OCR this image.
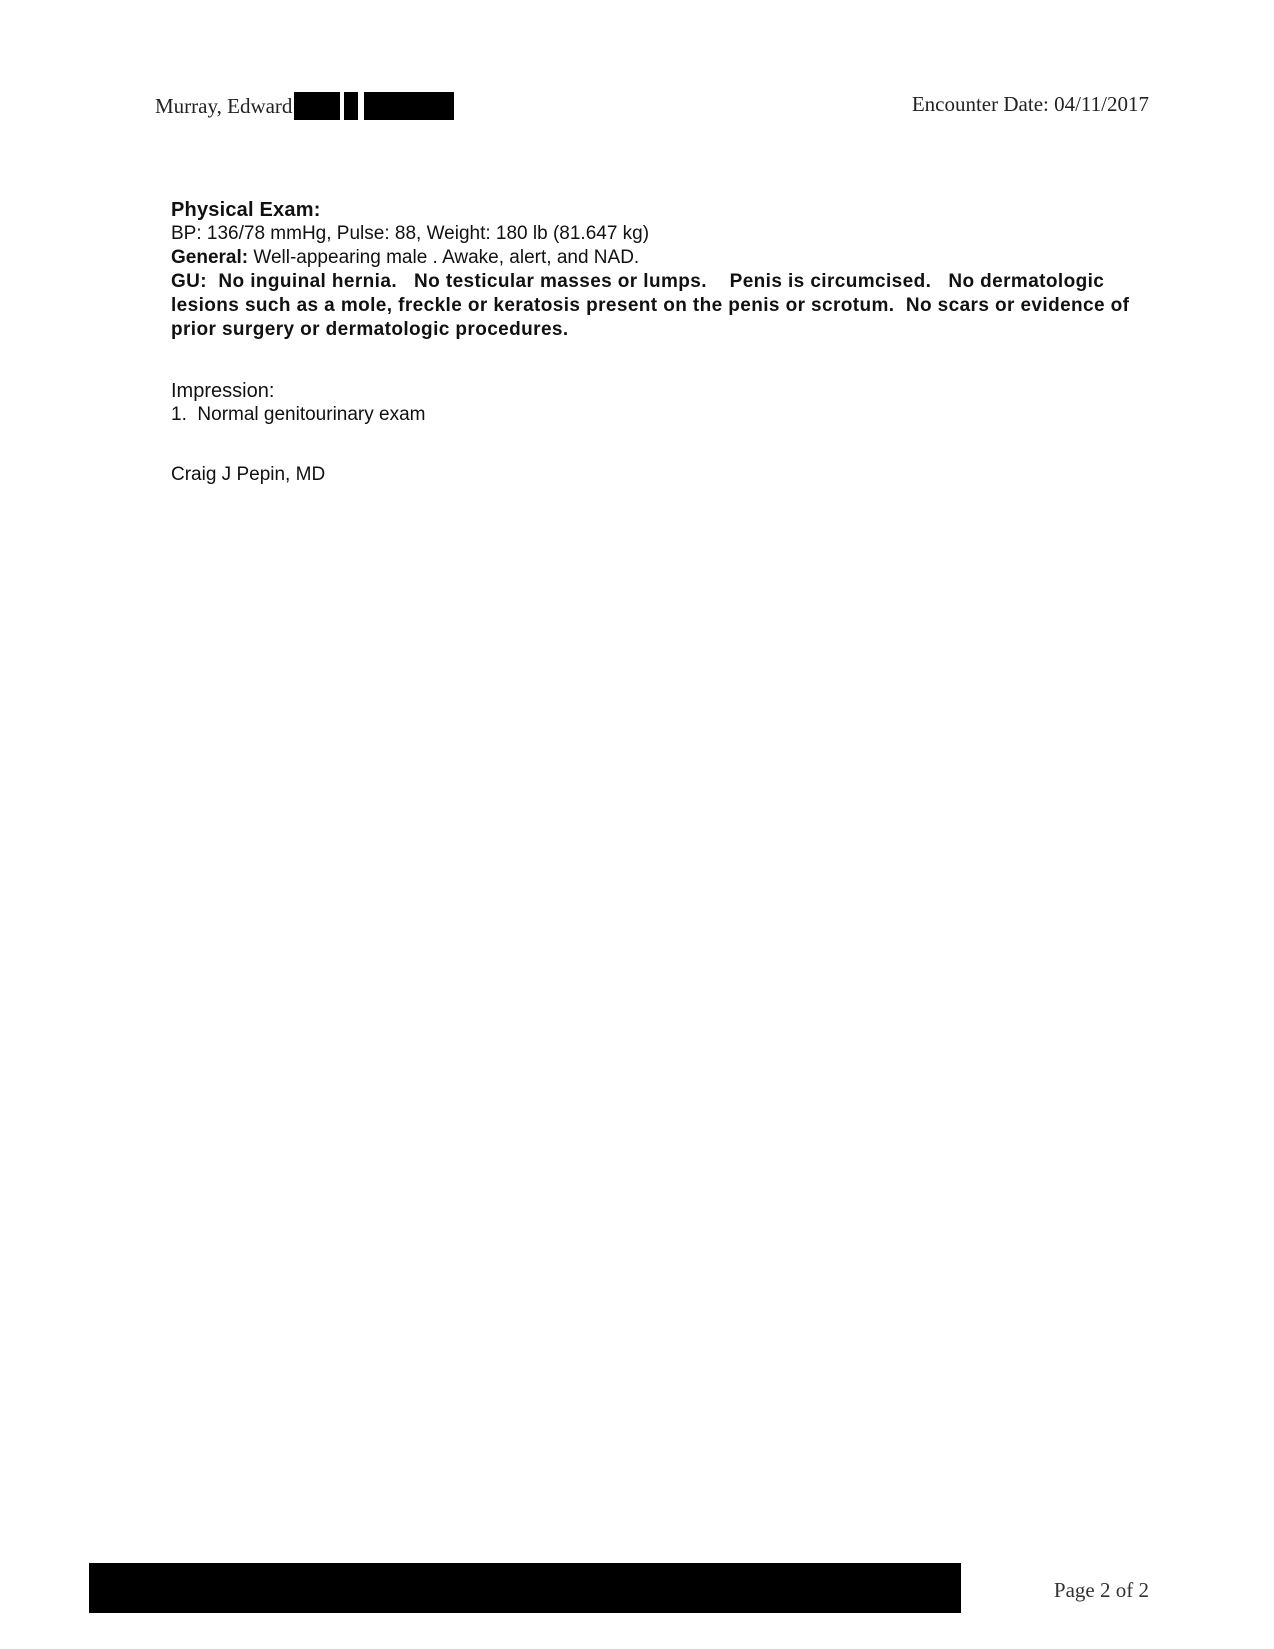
Murray, Edward	Encounter Date: 04/11/2017
Physical Exam:
BP: 136/78 mmHg, Pulse: 88, Weight: 180 lb (81.647 kg)
General: Well-appearing male . Awake, alert, and NAD.
GU:  No inguinal hernia.   No testicular masses or lumps.    Penis is circumcised.   No dermatologic lesions such as a mole, freckle or keratosis present on the penis or scrotum.  No scars or evidence of prior surgery or dermatologic procedures.
Impression:
1.  Normal genitourinary exam
Craig J Pepin, MD
Page 2 of 2
